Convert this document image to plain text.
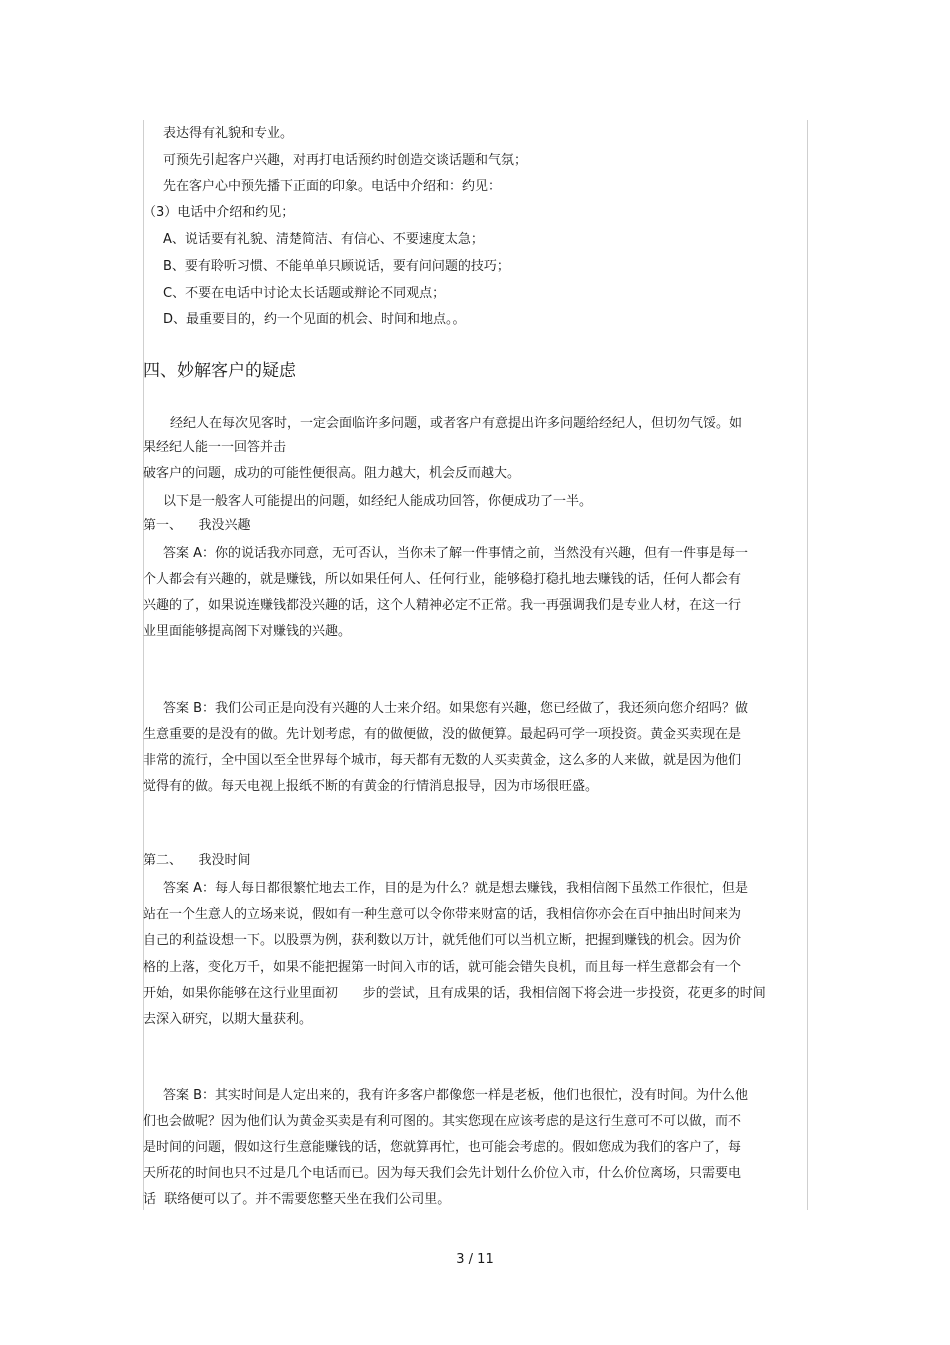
表达得有礼貌和专业。
可预先引起客户兴趣，对再打电话预约时创造交谈话题和气氛；
先在客户心中预先播下正面的印象。电话中介绍和：约见：
（3）电话中介绍和约见；
A、说话要有礼貌、清楚简洁、有信心、不要速度太急；
B、要有聆听习惯、不能单单只顾说话，要有问问题的技巧；
C、不要在电话中讨论太长话题或辩论不同观点；
D、最重要目的，约一个见面的机会、时间和地点。。
四、妙解客户的疑虑
经纪人在每次见客时，一定会面临许多问题，或者客户有意提出许多问题给经纪人，但切勿气馁。如
果经纪人能一一回答并击
破客户的问题，成功的可能性便很高。阻力越大，机会反而越大。
以下是一般客人可能提出的问题，如经纪人能成功回答，你便成功了一半。
第一、    我没兴趣
答案 A：你的说话我亦同意，无可否认，当你未了解一件事情之前，当然没有兴趣，但有一件事是每一
个人都会有兴趣的，就是赚钱，所以如果任何人、任何行业，能够稳打稳扎地去赚钱的话，任何人都会有
兴趣的了，如果说连赚钱都没兴趣的话，这个人精神必定不正常。我一再强调我们是专业人材，在这一行
业里面能够提高阁下对赚钱的兴趣。
答案 B：我们公司正是向没有兴趣的人士来介绍。如果您有兴趣，您已经做了，我还须向您介绍吗？做
生意重要的是没有的做。先计划考虑，有的做便做，没的做便算。最起码可学一项投资。黄金买卖现在是
非常的流行，全中国以至全世界每个城市，每天都有无数的人买卖黄金，这么多的人来做，就是因为他们
觉得有的做。每天电视上报纸不断的有黄金的行情消息报导，因为市场很旺盛。
第二、    我没时间
答案 A：每人每日都很繁忙地去工作，目的是为什么？就是想去赚钱，我相信阁下虽然工作很忙，但是
站在一个生意人的立场来说，假如有一种生意可以令你带来财富的话，我相信你亦会在百中抽出时间来为
自己的利益设想一下。以股票为例，获利数以万计，就凭他们可以当机立断，把握到赚钱的机会。因为价
格的上落，变化万千，如果不能把握第一时间入市的话，就可能会错失良机，而且每一样生意都会有一个
开始，如果你能够在这行业里面初      步的尝试，且有成果的话，我相信阁下将会进一步投资，花更多的时间
去深入研究，以期大量获利。
答案 B：其实时间是人定出来的，我有许多客户都像您一样是老板，他们也很忙，没有时间。为什么他
们也会做呢？因为他们认为黄金买卖是有利可图的。其实您现在应该考虑的是这行生意可不可以做，而不
是时间的问题，假如这行生意能赚钱的话，您就算再忙，也可能会考虑的。假如您成为我们的客户了，每
天所花的时间也只不过是几个电话而已。因为每天我们会先计划什么价位入市，什么价位离场，只需要电
话  联络便可以了。并不需要您整天坐在我们公司里。
3 / 11
